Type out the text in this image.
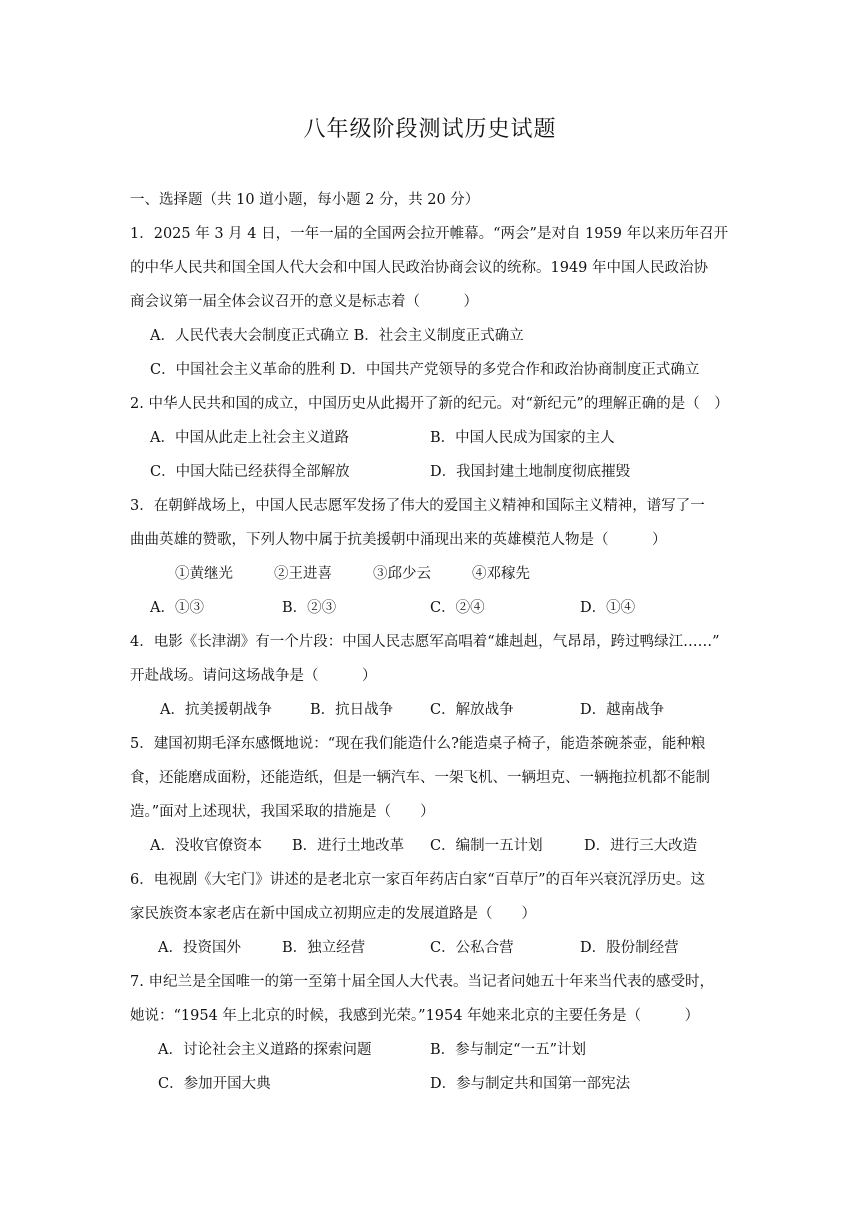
八年级阶段测试历史试题
一、选择题（共 10 道小题，每小题 2 分，共 20 分）
1．2025 年 3 月 4 日，一年一届的全国两会拉开帷幕。“两会”是对自 1959 年以来历年召开
的中华人民共和国全国人代大会和中国人民政治协商会议的统称。1949 年中国人民政治协
商会议第一届全体会议召开的意义是标志着（　　　）
A．人民代表大会制度正式确立 B．社会主义制度正式确立
C．中国社会主义革命的胜利 D．中国共产党领导的多党合作和政治协商制度正式确立
2. 中华人民共和国的成立，中国历史从此揭开了新的纪元。对“新纪元”的理解正确的是（　）
A．中国从此走上社会主义道路	B．中国人民成为国家的主人
C．中国大陆已经获得全部解放	D．我国封建土地制度彻底摧毁
3．在朝鲜战场上，中国人民志愿军发扬了伟大的爱国主义精神和国际主义精神，谱写了一
曲曲英雄的赞歌，下列人物中属于抗美援朝中涌现出来的英雄模范人物是（　　　）
①黄继光	②王进喜	③邱少云	④邓稼先
A．①③	B．②③	C．②④	D．①④
4．电影《长津湖》有一个片段：中国人民志愿军高唱着“雄赳赳，气昂昂，跨过鸭绿江……”
开赴战场。请问这场战争是（　　　）
A．抗美援朝战争	B．抗日战争	C．解放战争	D．越南战争
5．建国初期毛泽东感慨地说：“现在我们能造什么?能造桌子椅子，能造茶碗茶壶，能种粮
食，还能磨成面粉，还能造纸，但是一辆汽车、一架飞机、一辆坦克、一辆拖拉机都不能制
造。”面对上述现状，我国采取的措施是（　　）
A．没收官僚资本 B．进行土地改革 C．编制一五计划	D．进行三大改造
6．电视剧《大宅门》讲述的是老北京一家百年药店白家“百草厅”的百年兴衰沉浮历史。这
家民族资本家老店在新中国成立初期应走的发展道路是（　　）
A．投资国外	B．独立经营	C．公私合营	D．股份制经营
7. 申纪兰是全国唯一的第一至第十届全国人大代表。当记者问她五十年来当代表的感受时，
她说：“1954 年上北京的时候，我感到光荣。”1954 年她来北京的主要任务是（　　　）
A．讨论社会主义道路的探索问题	B．参与制定“一五”计划
C．参加开国大典	D．参与制定共和国第一部宪法
